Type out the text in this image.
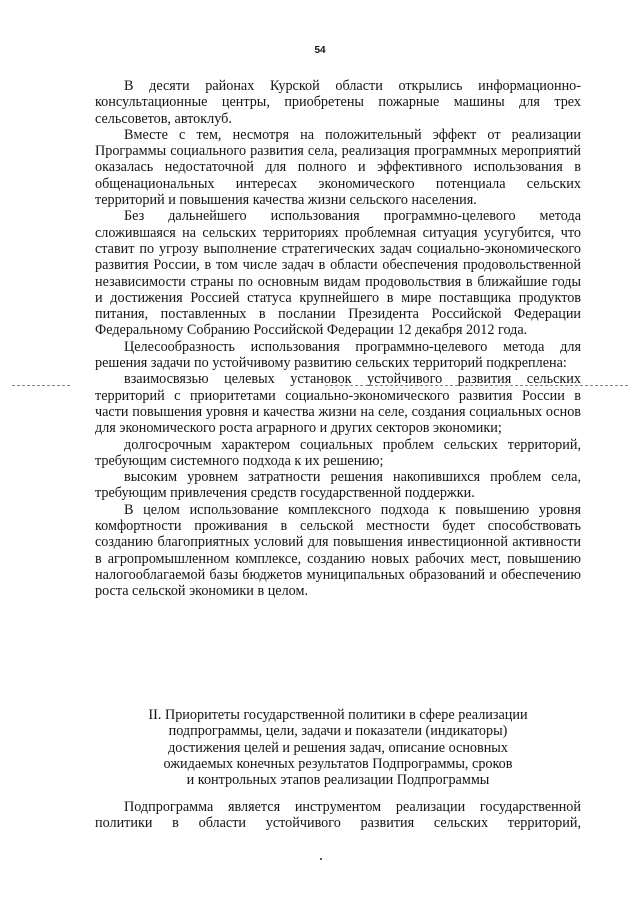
54

В десяти районах Курской области открылись информационно-консультационные центры, приобретены пожарные машины для трех сельсоветов, автоклуб.

Вместе с тем, несмотря на положительный эффект от реализации Программы социального развития села, реализация программных мероприятий оказалась недостаточной для полного и эффективного использования в общенациональных интересах экономического потенциала сельских территорий и повышения качества жизни сельского населения.

Без дальнейшего использования программно-целевого метода сложившаяся на сельских территориях проблемная ситуация усугубится, что ставит по угрозу выполнение стратегических задач социально-экономического развития России, в том числе задач в области обеспечения продовольственной независимости страны по основным видам продовольствия в ближайшие годы и достижения Россией статуса крупнейшего в мире поставщика продуктов питания, поставленных в послании Президента Российской Федерации Федеральному Собранию Российской Федерации 12 декабря 2012 года.

Целесообразность использования программно-целевого метода для решения задачи по устойчивому развитию сельских территорий подкреплена:

взаимосвязью целевых установок устойчивого развития сельских территорий с приоритетами социально-экономического развития России в части повышения уровня и качества жизни на селе, создания социальных основ для экономического роста аграрного и других секторов экономики;

долгосрочным характером социальных проблем сельских территорий, требующим системного подхода к их решению;

высоким уровнем затратности решения накопившихся проблем села, требующим привлечения средств государственной поддержки.

В целом использование комплексного подхода к повышению уровня комфортности проживания в сельской местности будет способствовать созданию благоприятных условий для повышения инвестиционной активности в агропромышленном комплексе, созданию новых рабочих мест, повышению налогооблагаемой базы бюджетов муниципальных образований и обеспечению роста сельской экономики в целом.

II. Приоритеты государственной политики в сфере реализации
подпрограммы, цели, задачи и показатели (индикаторы)
достижения целей и решения задач, описание основных
ожидаемых конечных результатов Подпрограммы, сроков
и контрольных этапов реализации Подпрограммы

Подпрограмма является инструментом реализации государственной политики в области устойчивого развития сельских территорий,
